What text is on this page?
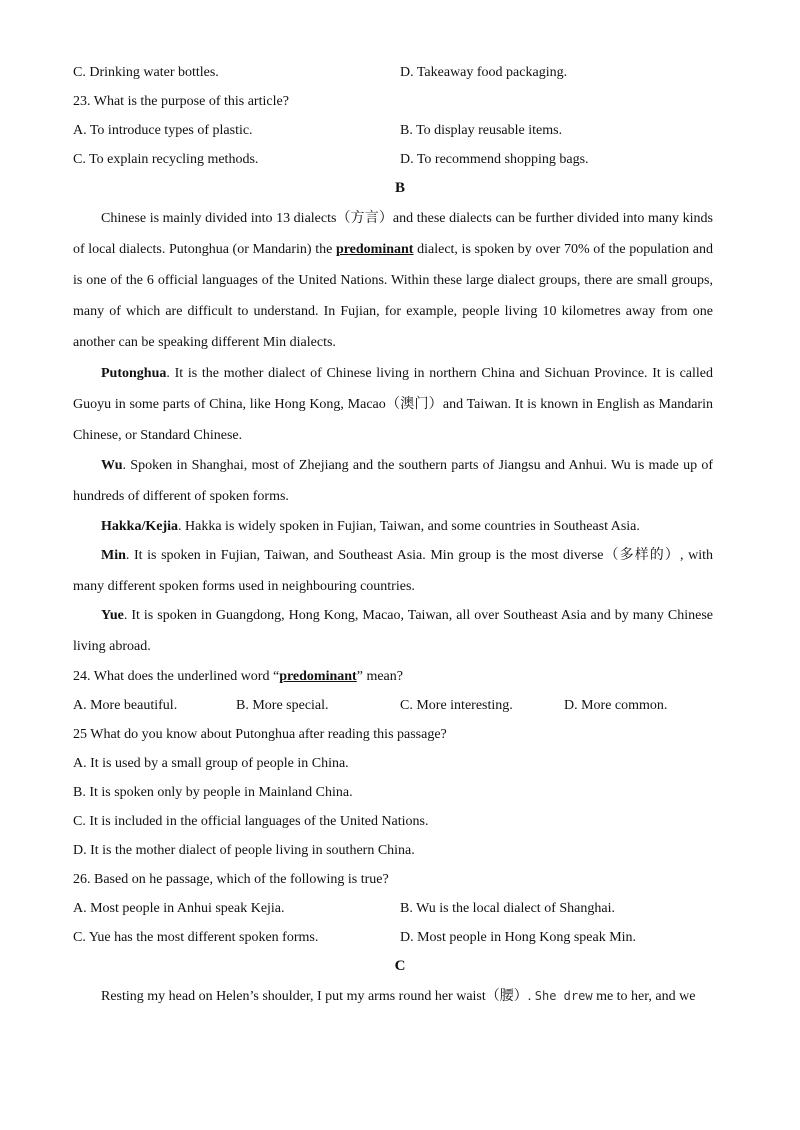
C. Drinking water bottles.	D. Takeaway food packaging.
23. What is the purpose of this article?
A. To introduce types of plastic.	B. To display reusable items.
C. To explain recycling methods.	D. To recommend shopping bags.
B
Chinese is mainly divided into 13 dialects（方言）and these dialects can be further divided into many kinds of local dialects. Putonghua (or Mandarin) the predominant dialect, is spoken by over 70% of the population and is one of the 6 official languages of the United Nations. Within these large dialect groups, there are small groups, many of which are difficult to understand. In Fujian, for example, people living 10 kilometres away from one another can be speaking different Min dialects.
Putonghua. It is the mother dialect of Chinese living in northern China and Sichuan Province. It is called Guoyu in some parts of China, like Hong Kong, Macao（澳门）and Taiwan. It is known in English as Mandarin Chinese, or Standard Chinese.
Wu. Spoken in Shanghai, most of Zhejiang and the southern parts of Jiangsu and Anhui. Wu is made up of hundreds of different of spoken forms.
Hakka/Kejia. Hakka is widely spoken in Fujian, Taiwan, and some countries in Southeast Asia.
Min. It is spoken in Fujian, Taiwan, and Southeast Asia. Min group is the most diverse（多样的）, with many different spoken forms used in neighbouring countries.
Yue. It is spoken in Guangdong, Hong Kong, Macao, Taiwan, all over Southeast Asia and by many Chinese living abroad.
24. What does the underlined word “predominant” mean?
A. More beautiful.	B. More special.	C. More interesting.	D. More common.
25 What do you know about Putonghua after reading this passage?
A. It is used by a small group of people in China.
B. It is spoken only by people in Mainland China.
C. It is included in the official languages of the United Nations.
D. It is the mother dialect of people living in southern China.
26. Based on he passage, which of the following is true?
A. Most people in Anhui speak Kejia.	B. Wu is the local dialect of Shanghai.
C. Yue has the most different spoken forms.	D. Most people in Hong Kong speak Min.
C
Resting my head on Helen’s shoulder, I put my arms round her waist（腰）. She drew me to her, and we
